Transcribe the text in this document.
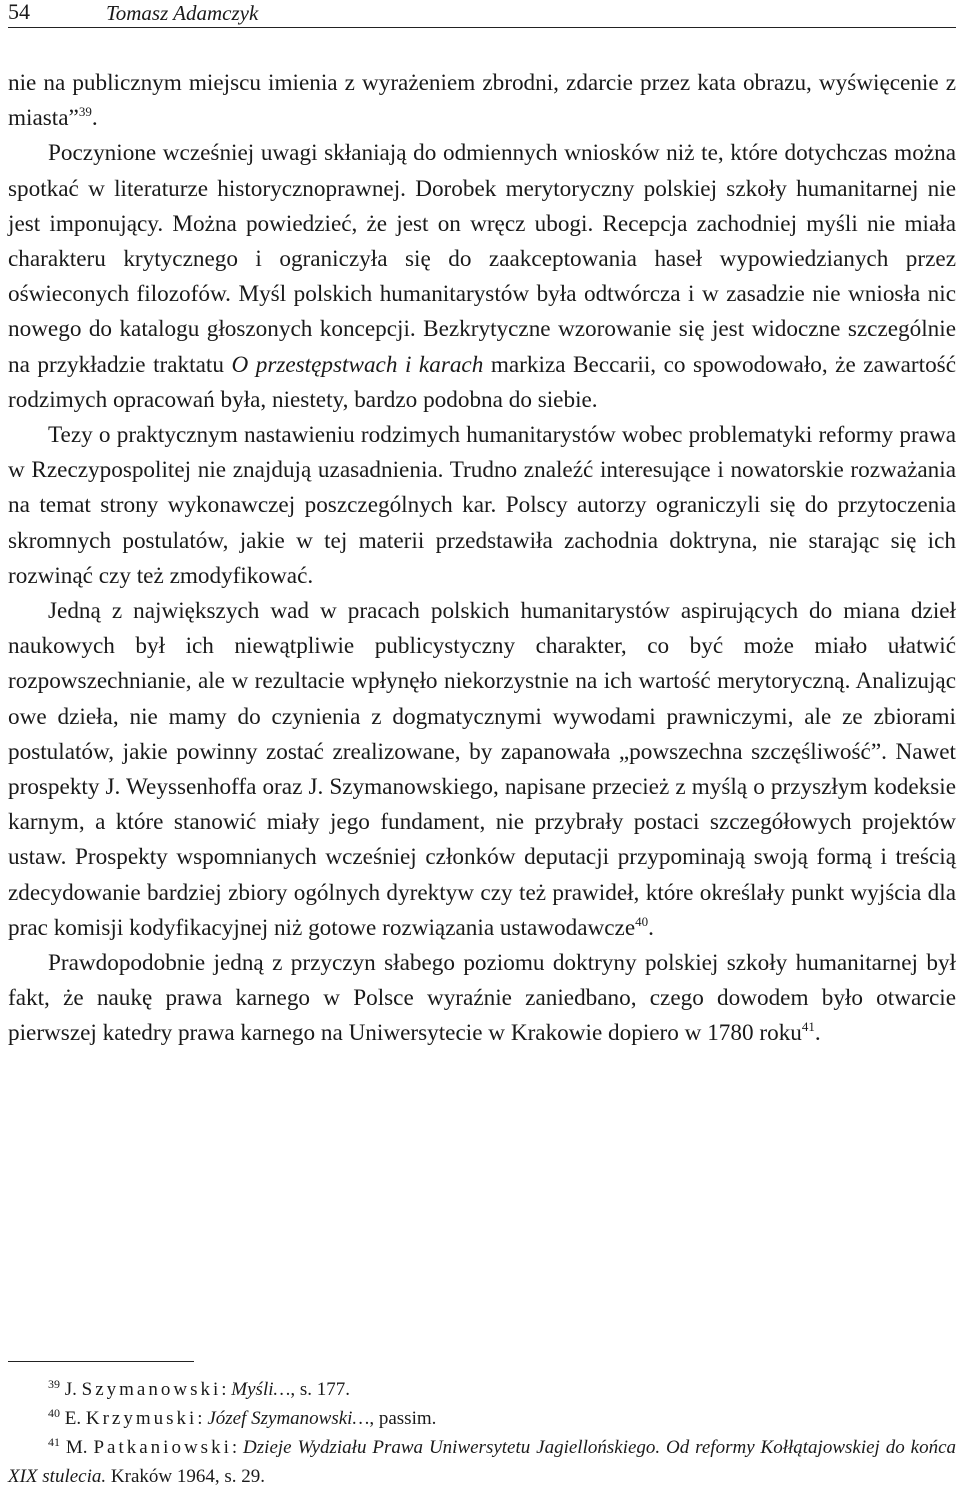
54	Tomasz Adamczyk

nie na publicznym miejscu imienia z wyrażeniem zbrodni, zdarcie przez kata obrazu, wyświęcenie z miasta”$^{39}$.

Poczynione wcześniej uwagi skłaniają do odmiennych wniosków niż te, które dotychczas można spotkać w literaturze historycznoprawnej. Dorobek merytoryczny polskiej szkoły humanitarnej nie jest imponujący. Można powiedzieć, że jest on wręcz ubogi. Recepcja zachodniej myśli nie miała charakteru krytycznego i ograniczyła się do zaakceptowania haseł wypowiedzianych przez oświeconych filozofów. Myśl polskich humanitarystów była odtwórcza i w zasadzie nie wniosła nic nowego do katalogu głoszonych koncepcji. Bezkrytyczne wzorowanie się jest widoczne szczególnie na przykładzie traktatu O przestępstwach i karach markiza Beccarii, co spowodowało, że zawartość rodzimych opracowań była, niestety, bardzo podobna do siebie.

Tezy o praktycznym nastawieniu rodzimych humanitarystów wobec problematyki reformy prawa w Rzeczypospolitej nie znajdują uzasadnienia. Trudno znaleźć interesujące i nowatorskie rozważania na temat strony wykonawczej poszczególnych kar. Polscy autorzy ograniczyli się do przytoczenia skromnych postulatów, jakie w tej materii przedstawiła zachodnia doktryna, nie starając się ich rozwinąć czy też zmodyfikować.

Jedną z największych wad w pracach polskich humanitarystów aspirujących do miana dzieł naukowych był ich niewątpliwie publicystyczny charakter, co być może miało ułatwić rozpowszechnianie, ale w rezultacie wpłynęło niekorzystnie na ich wartość merytoryczną. Analizując owe dzieła, nie mamy do czynienia z dogmatycznymi wywodami prawniczymi, ale ze zbiorami postulatów, jakie powinny zostać zrealizowane, by zapanowała „powszechna szczęśliwość”. Nawet prospekty J. Weyssenhoffa oraz J. Szymanowskiego, napisane przecież z myślą o przyszłym kodeksie karnym, a które stanowić miały jego fundament, nie przybrały postaci szczegółowych projektów ustaw. Prospekty wspomnianych wcześniej członków deputacji przypominają swoją formą i treścią zdecydowanie bardziej zbiory ogólnych dyrektyw czy też prawideł, które określały punkt wyjścia dla prac komisji kodyfikacyjnej niż gotowe rozwiązania ustawodawcze$^{40}$.

Prawdopodobnie jedną z przyczyn słabego poziomu doktryny polskiej szkoły humanitarnej był fakt, że naukę prawa karnego w Polsce wyraźnie zaniedbano, czego dowodem było otwarcie pierwszej katedry prawa karnego na Uniwersytecie w Krakowie dopiero w 1780 roku$^{41}$.

$^{39}$ J. Szymanowski: Myśli…, s. 177.

$^{40}$ E. Krzymuski: Józef Szymanowski…, passim.

$^{41}$ M. Patkaniowski: Dzieje Wydziału Prawa Uniwersytetu Jagiellońskiego. Od reformy Kołłątajowskiej do końca XIX stulecia. Kraków 1964, s. 29.
